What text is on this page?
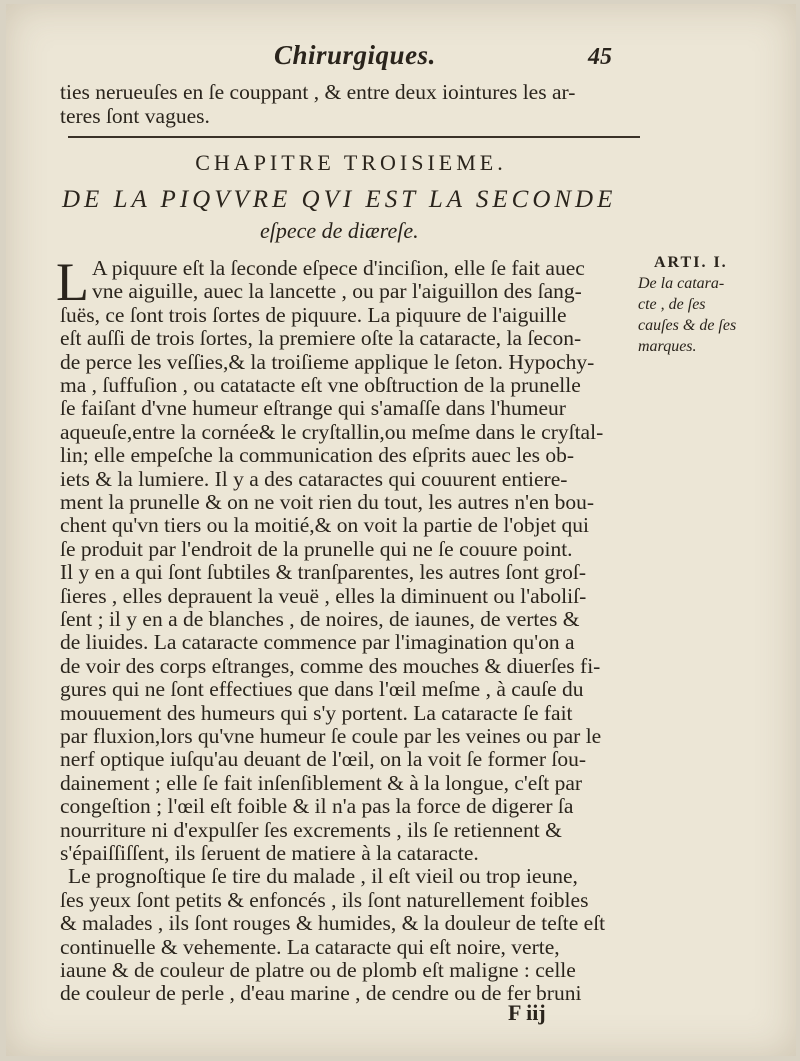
Chirurgiques.	45
ties nerueuſes en ſe couppant , & entre deux iointures les ar-
teres ſont vagues.
CHAPITRE TROISIEME.
DE LA PIQVVRE QVI EST LA SECONDE
eſpece de diæreſe.
L	ARTI. I.
De la catara-
cte , de ſes
cauſes & de ſes
marques.
A piquure eſt la ſeconde eſpece d'inciſion, elle ſe fait auec
vne aiguille, auec la lancette , ou par l'aiguillon des ſang-
ſuës, ce ſont trois ſortes de piquure. La piquure de l'aiguille
eſt auſſi de trois ſortes, la premiere oſte la cataracte, la ſecon-
de perce les veſſies,& la troiſieme applique le ſeton. Hypochy-
ma , ſuffuſion , ou catatacte eſt vne obſtruction de la prunelle
ſe faiſant d'vne humeur eſtrange qui s'amaſſe dans l'humeur
aqueuſe,entre la cornée& le cryſtallin,ou meſme dans le cryſtal-
lin; elle empeſche la communication des eſprits auec les ob-
iets & la lumiere. Il y a des cataractes qui couurent entiere-
ment la prunelle & on ne voit rien du tout, les autres n'en bou-
chent qu'vn tiers ou la moitié,& on voit la partie de l'objet qui
ſe produit par l'endroit de la prunelle qui ne ſe couure point.
Il y en a qui ſont ſubtiles & tranſparentes, les autres ſont groſ-
ſieres , elles deprauent la veuë , elles la diminuent ou l'aboliſ-
ſent ; il y en a de blanches , de noires, de iaunes, de vertes &
de liuides. La cataracte commence par l'imagination qu'on a
de voir des corps eſtranges, comme des mouches & diuerſes fi-
gures qui ne ſont effectiues que dans l'œil meſme , à cauſe du
mouuement des humeurs qui s'y portent. La cataracte ſe fait
par fluxion,lors qu'vne humeur ſe coule par les veines ou par le
nerf optique iuſqu'au deuant de l'œil, on la voit ſe former ſou-
dainement ; elle ſe fait inſenſiblement & à la longue, c'eſt par
congeſtion ; l'œil eſt foible & il n'a pas la force de digerer ſa
nourriture ni d'expulſer ſes excrements , ils ſe retiennent &
s'épaiſſiſſent, ils ſeruent de matiere à la cataracte.
Le prognoſtique ſe tire du malade , il eſt vieil ou trop ieune,
ſes yeux ſont petits & enfoncés , ils ſont naturellement foibles
& malades , ils ſont rouges & humides, & la douleur de teſte eſt
continuelle & vehemente. La cataracte qui eſt noire, verte,
iaune & de couleur de platre ou de plomb eſt maligne : celle
de couleur de perle , d'eau marine , de cendre ou de fer bruni
F iij
